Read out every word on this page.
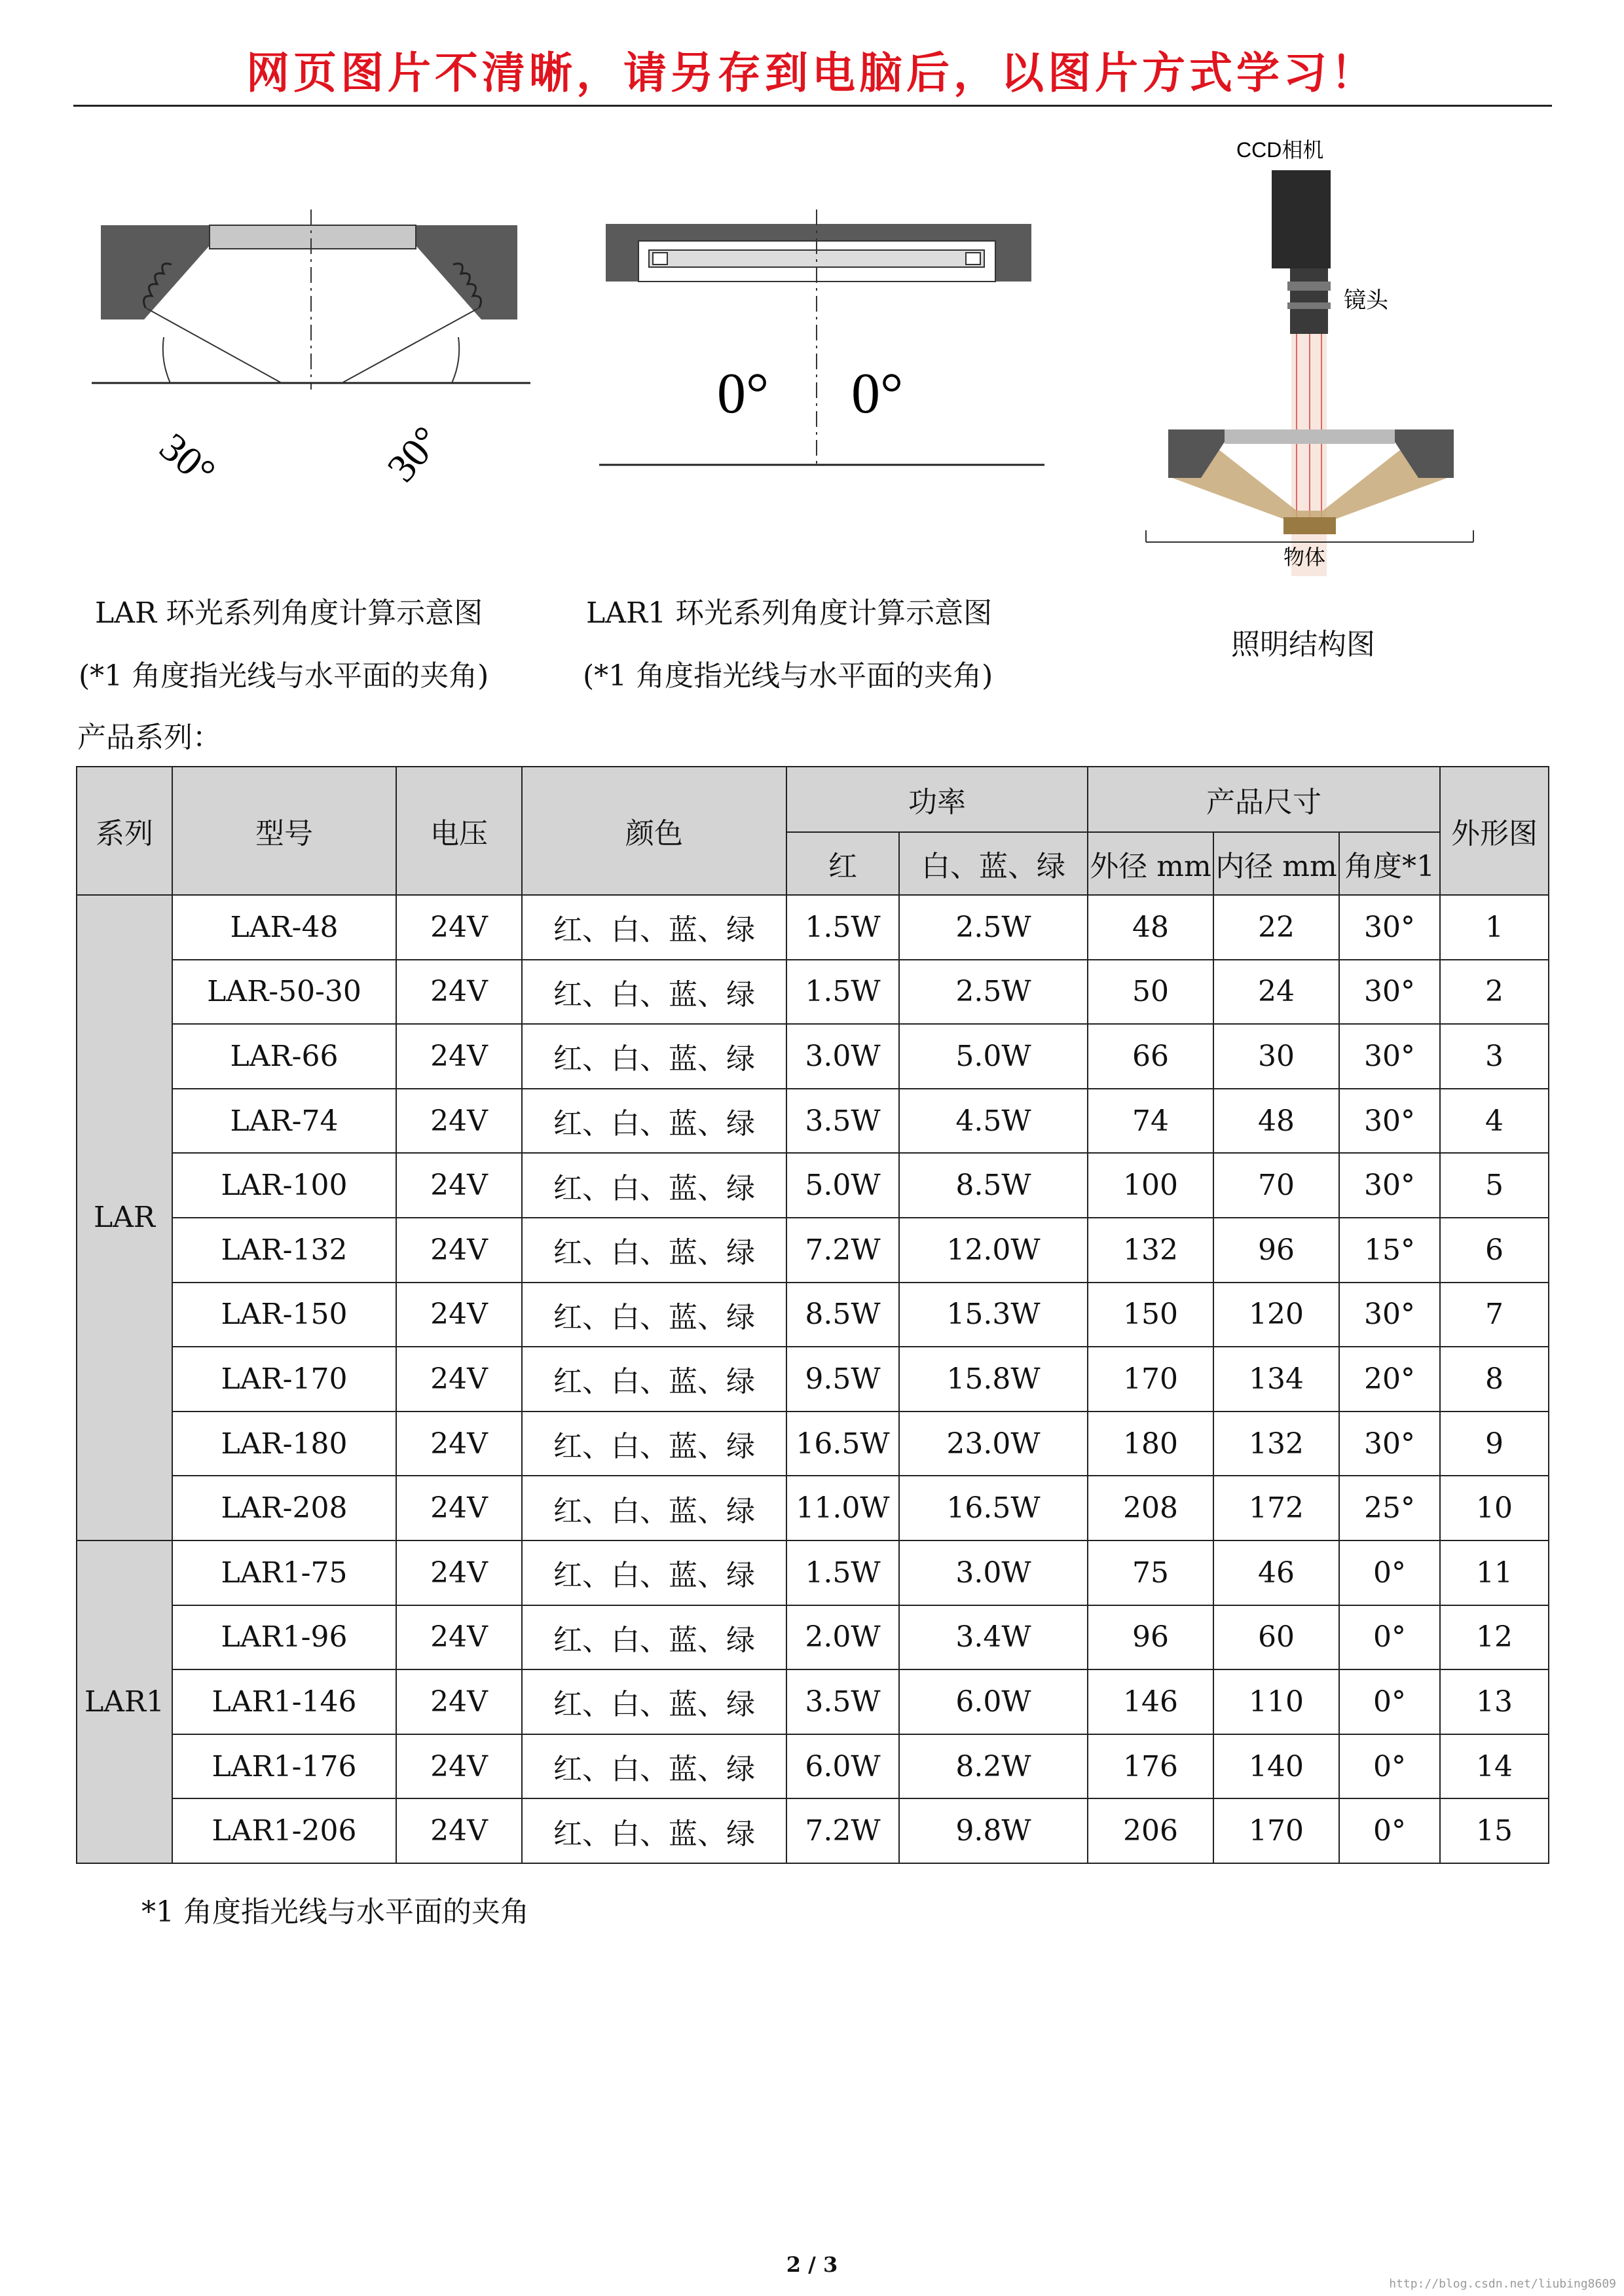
网页图片不清晰，请另存到电脑后，以图片方式学习！
30°	30°
0° 0°
CCD相机
镜头
物体
LAR 环光系列角度计算示意图
(*1 角度指光线与水平面的夹角)
LAR1 环光系列角度计算示意图
(*1 角度指光线与水平面的夹角)
照明结构图
产品系列：
系列	型号	电压	颜色	功率		产品尺寸			外形图
				红	白、蓝、绿	外径 mm	内径 mm	角度*1	
LAR	LAR-48	24V	红、白、蓝、绿	1.5W	2.5W	48	22	30°	1
	LAR-50-30	24V	红、白、蓝、绿	1.5W	2.5W	50	24	30°	2
	LAR-66	24V	红、白、蓝、绿	3.0W	5.0W	66	30	30°	3
	LAR-74	24V	红、白、蓝、绿	3.5W	4.5W	74	48	30°	4
	LAR-100	24V	红、白、蓝、绿	5.0W	8.5W	100	70	30°	5
	LAR-132	24V	红、白、蓝、绿	7.2W	12.0W	132	96	15°	6
	LAR-150	24V	红、白、蓝、绿	8.5W	15.3W	150	120	30°	7
	LAR-170	24V	红、白、蓝、绿	9.5W	15.8W	170	134	20°	8
	LAR-180	24V	红、白、蓝、绿	16.5W	23.0W	180	132	30°	9
	LAR-208	24V	红、白、蓝、绿	11.0W	16.5W	208	172	25°	10
LAR1	LAR1-75	24V	红、白、蓝、绿	1.5W	3.0W	75	46	0°	11
	LAR1-96	24V	红、白、蓝、绿	2.0W	3.4W	96	60	0°	12
	LAR1-146	24V	红、白、蓝、绿	3.5W	6.0W	146	110	0°	13
	LAR1-176	24V	红、白、蓝、绿	6.0W	8.2W	176	140	0°	14
	LAR1-206	24V	红、白、蓝、绿	7.2W	9.8W	206	170	0°	15
*1 角度指光线与水平面的夹角
2 / 3
http://blog.csdn.net/liubing8609
